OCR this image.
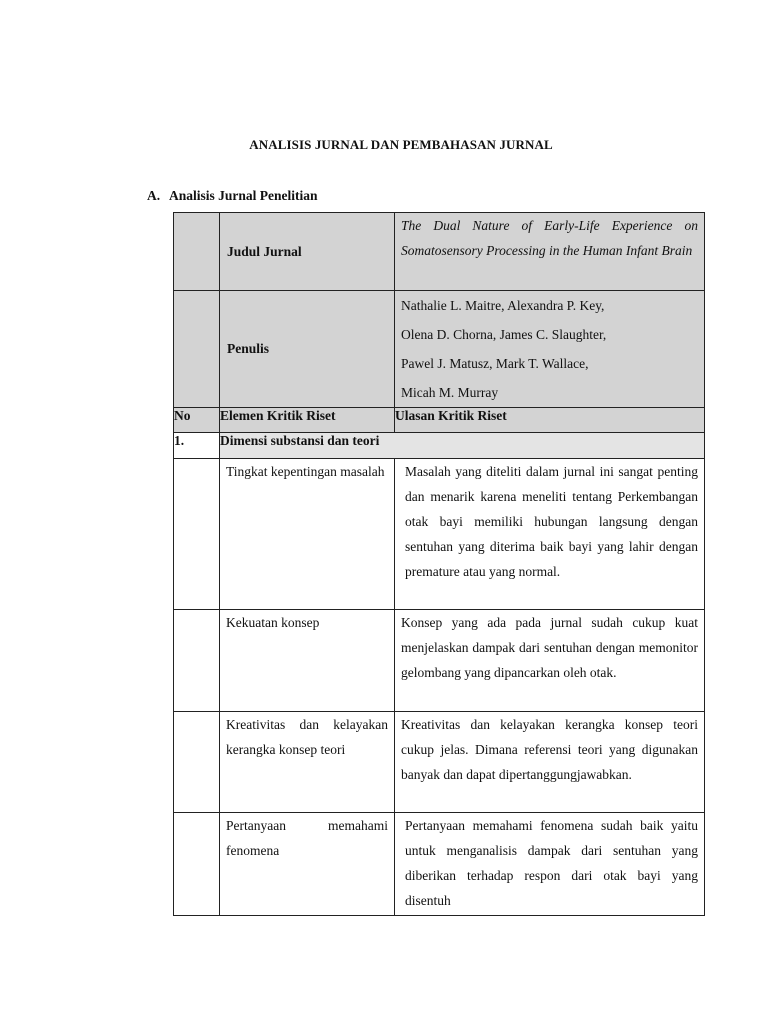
ANALISIS JURNAL DAN PEMBAHASAN JURNAL
A. Analisis Jurnal Penelitian
	Judul Jurnal	The Dual Nature of Early-Life Experience on Somatosensory Processing in the Human Infant Brain
	Penulis	Nathalie L. Maitre, Alexandra P. Key,
Olena D. Chorna, James C. Slaughter,
Pawel J. Matusz, Mark T. Wallace,
Micah M. Murray

No	Elemen Kritik Riset	Ulasan Kritik Riset
1.	Dimensi substansi dan teori	
	Tingkat kepentingan masalah	Masalah yang diteliti dalam jurnal ini sangat penting dan menarik karena meneliti tentang Perkembangan otak bayi memiliki hubungan langsung dengan sentuhan yang diterima baik bayi yang lahir dengan premature atau yang normal.
	Kekuatan konsep	Konsep yang ada pada jurnal sudah cukup kuat menjelaskan dampak dari sentuhan dengan memonitor gelombang yang dipancarkan oleh otak.
	Kreativitas dan kelayakan kerangka konsep teori	Kreativitas dan kelayakan kerangka konsep teori cukup jelas. Dimana referensi teori yang digunakan banyak dan dapat dipertanggungjawabkan.
	Pertanyaan memahami fenomena	Pertanyaan memahami fenomena sudah baik yaitu untuk menganalisis dampak dari sentuhan yang diberikan terhadap respon dari otak bayi yang disentuh
